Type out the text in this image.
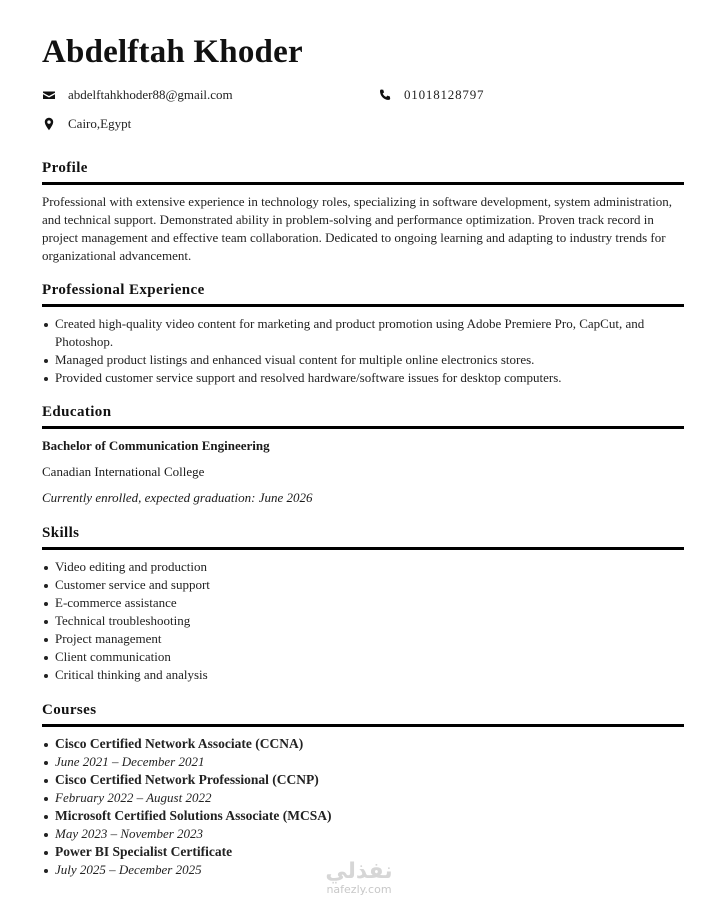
Abdelftah Khoder
abdelftahkhoder88@gmail.com	01018128797
Cairo,Egypt
Profile
Professional with extensive experience in technology roles, specializing in software development, system administration, and technical support. Demonstrated ability in problem-solving and performance optimization. Proven track record in project management and effective team collaboration. Dedicated to ongoing learning and adapting to industry trends for organizational advancement.
Professional Experience
Created high-quality video content for marketing and product promotion using Adobe Premiere Pro, CapCut, and Photoshop.
Managed product listings and enhanced visual content for multiple online electronics stores.
Provided customer service support and resolved hardware/software issues for desktop computers.
Education
Bachelor of Communication Engineering
Canadian International College
Currently enrolled, expected graduation: June 2026
Skills
Video editing and production
Customer service and support
E-commerce assistance
Technical troubleshooting
Project management
Client communication
Critical thinking and analysis
Courses
Cisco Certified Network Associate (CCNA)
June 2021 – December 2021
Cisco Certified Network Professional (CCNP)
February 2022 – August 2022
Microsoft Certified Solutions Associate (MCSA)
May 2023 – November 2023
Power BI Specialist Certificate
July 2025 – December 2025	نفذلي
nafezly.com
